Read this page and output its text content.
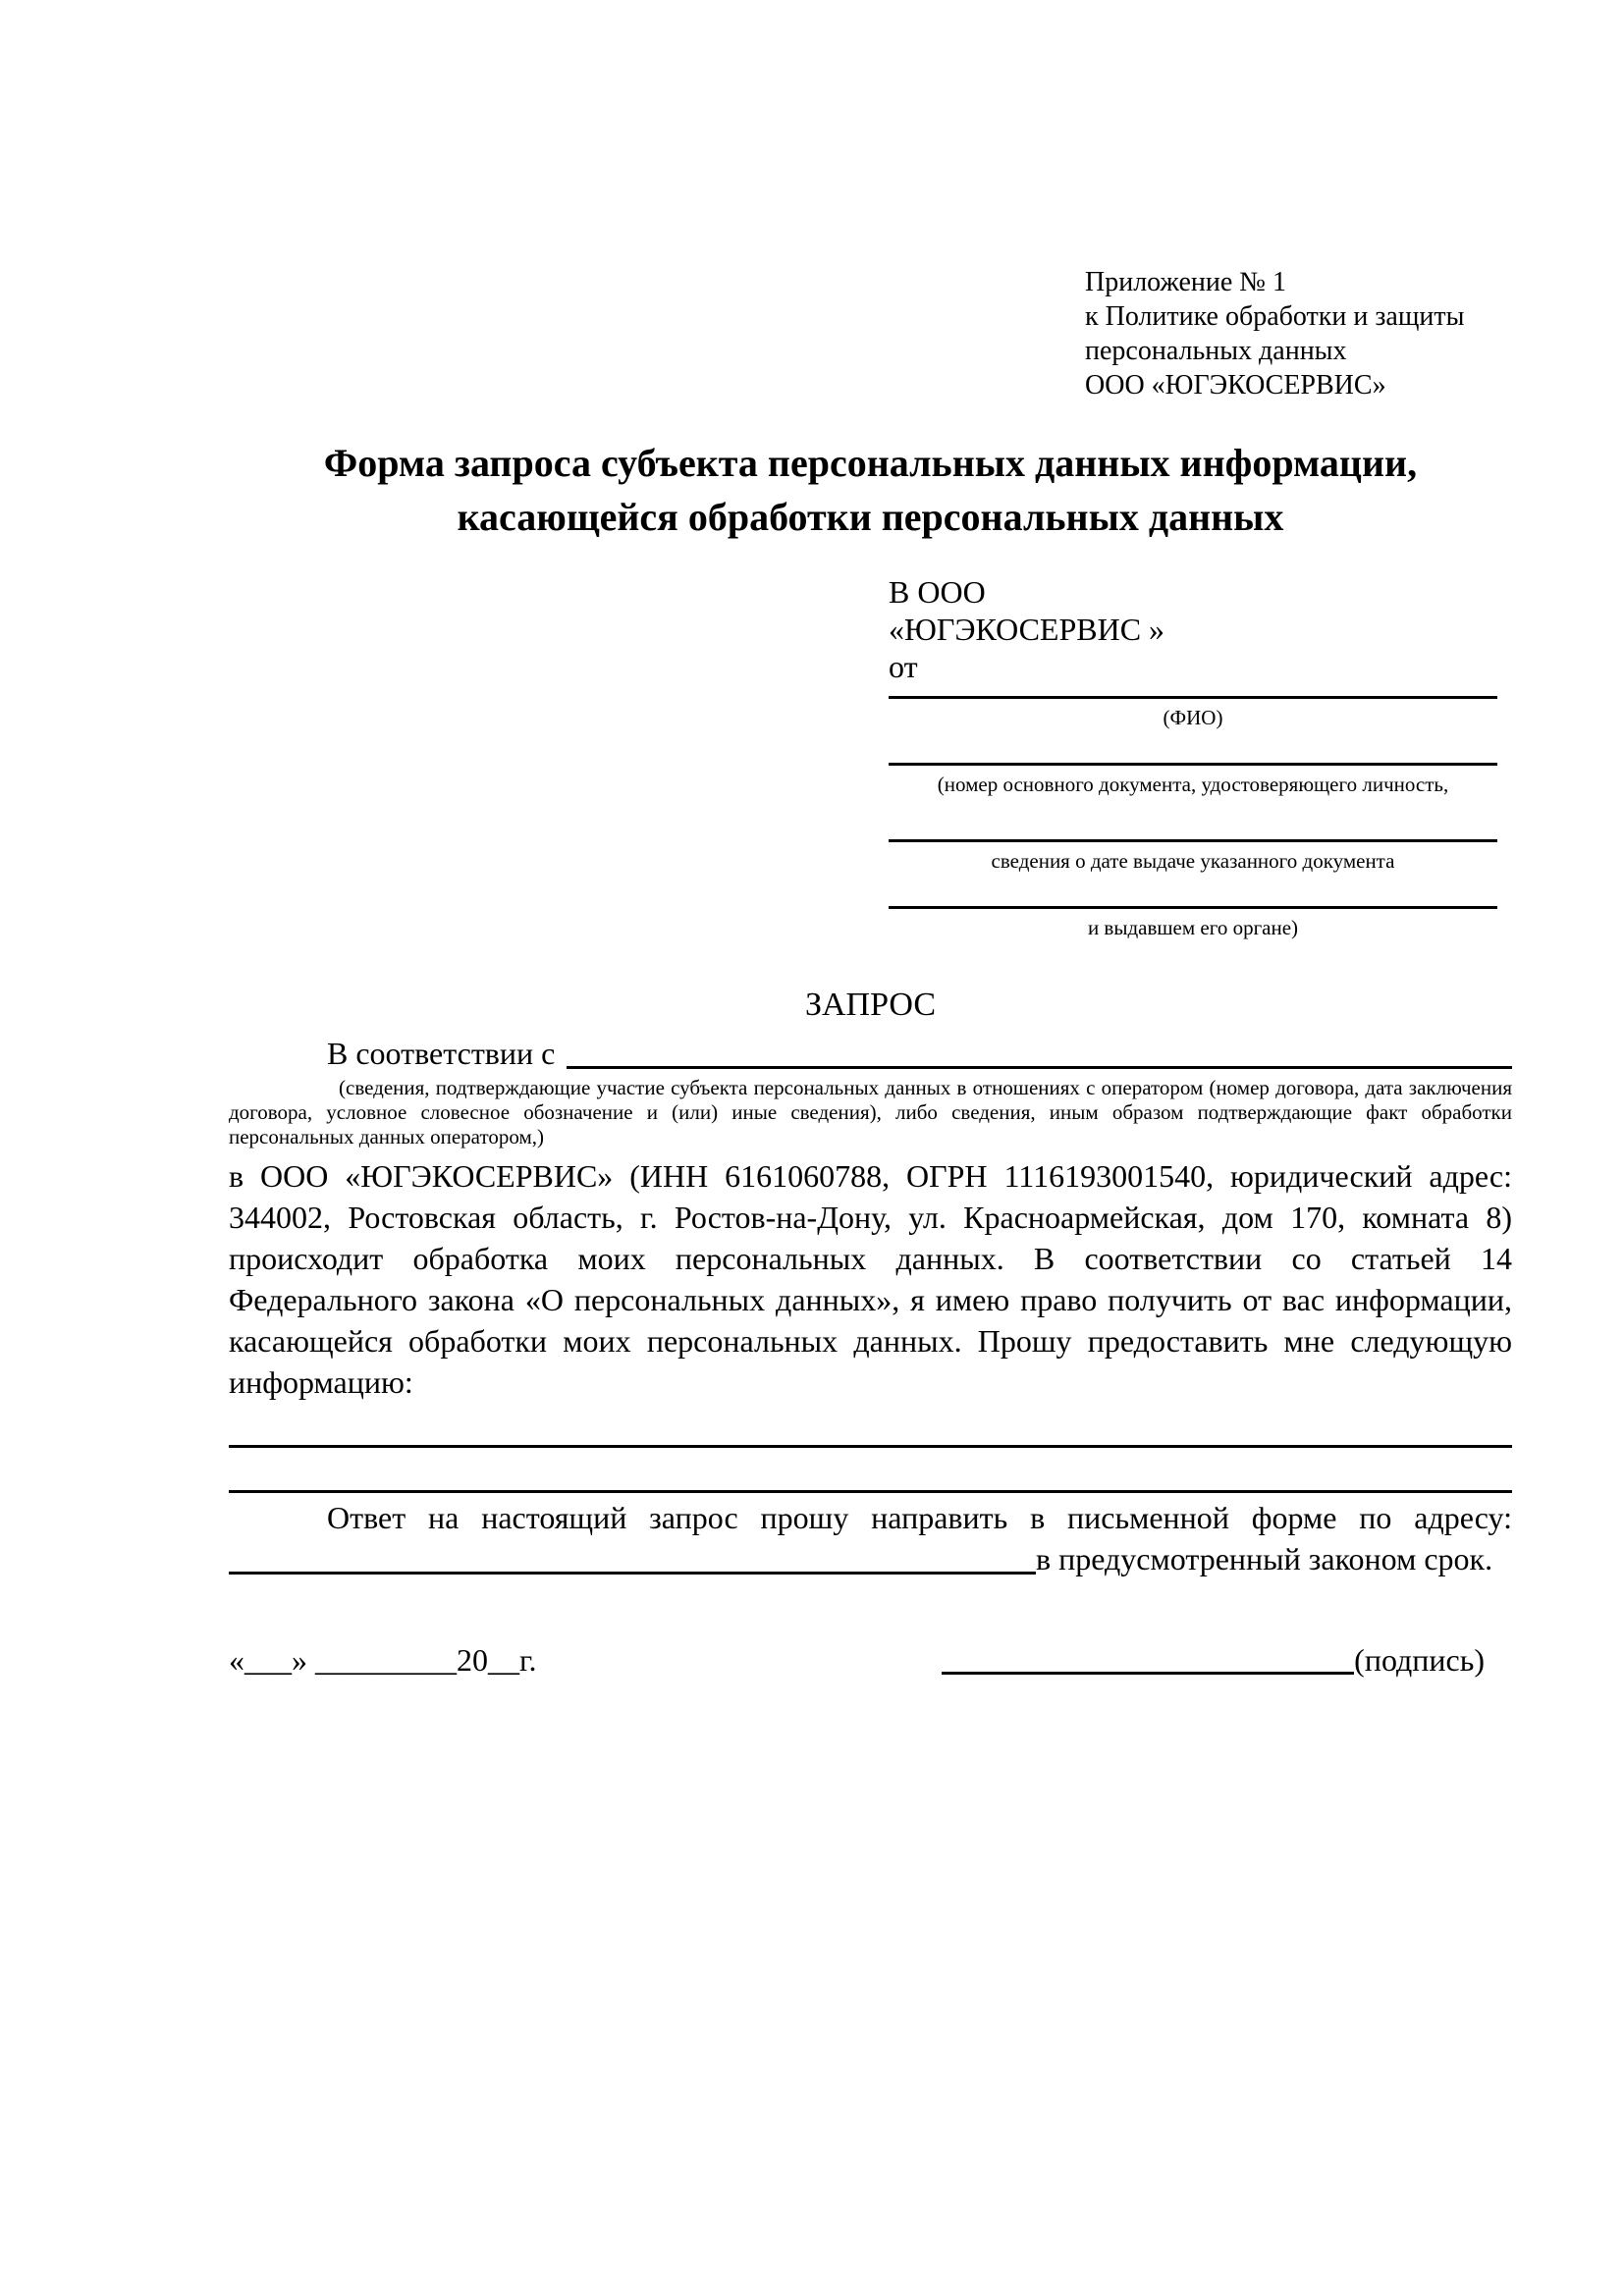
Приложение № 1
к Политике обработки и защиты
персональных данных
ООО «ЮГЭКОСЕРВИС»
Форма запроса субъекта персональных данных информации,
касающейся обработки персональных данных
В ООО
«ЮГЭКОСЕРВИС »
от
(ФИО)
(номер основного документа, удостоверяющего личность,
сведения о дате выдаче указанного документа
и выдавшем его органе)
ЗАПРОС
В соответствии с
(сведения, подтверждающие участие субъекта персональных данных в отношениях с оператором (номер договора, дата заключения договора, условное словесное обозначение и (или) иные сведения), либо сведения, иным образом подтверждающие факт обработки персональных данных оператором,)
в ООО «ЮГЭКОСЕРВИС» (ИНН 6161060788, ОГРН 1116193001540, юридический адрес: 344002, Ростовская область, г. Ростов-на-Дону, ул. Красноармейская, дом 170, комната 8) происходит обработка моих персональных данных. В соответствии со статьей 14 Федерального закона «О персональных данных», я имею право получить от вас информации, касающейся обработки моих персональных данных. Прошу предоставить мне следующую информацию:
Ответ на настоящий запрос прошу направить в письменной форме по адресу:
в предусмотренный законом срок.
«___» _________20__г.	(подпись)
